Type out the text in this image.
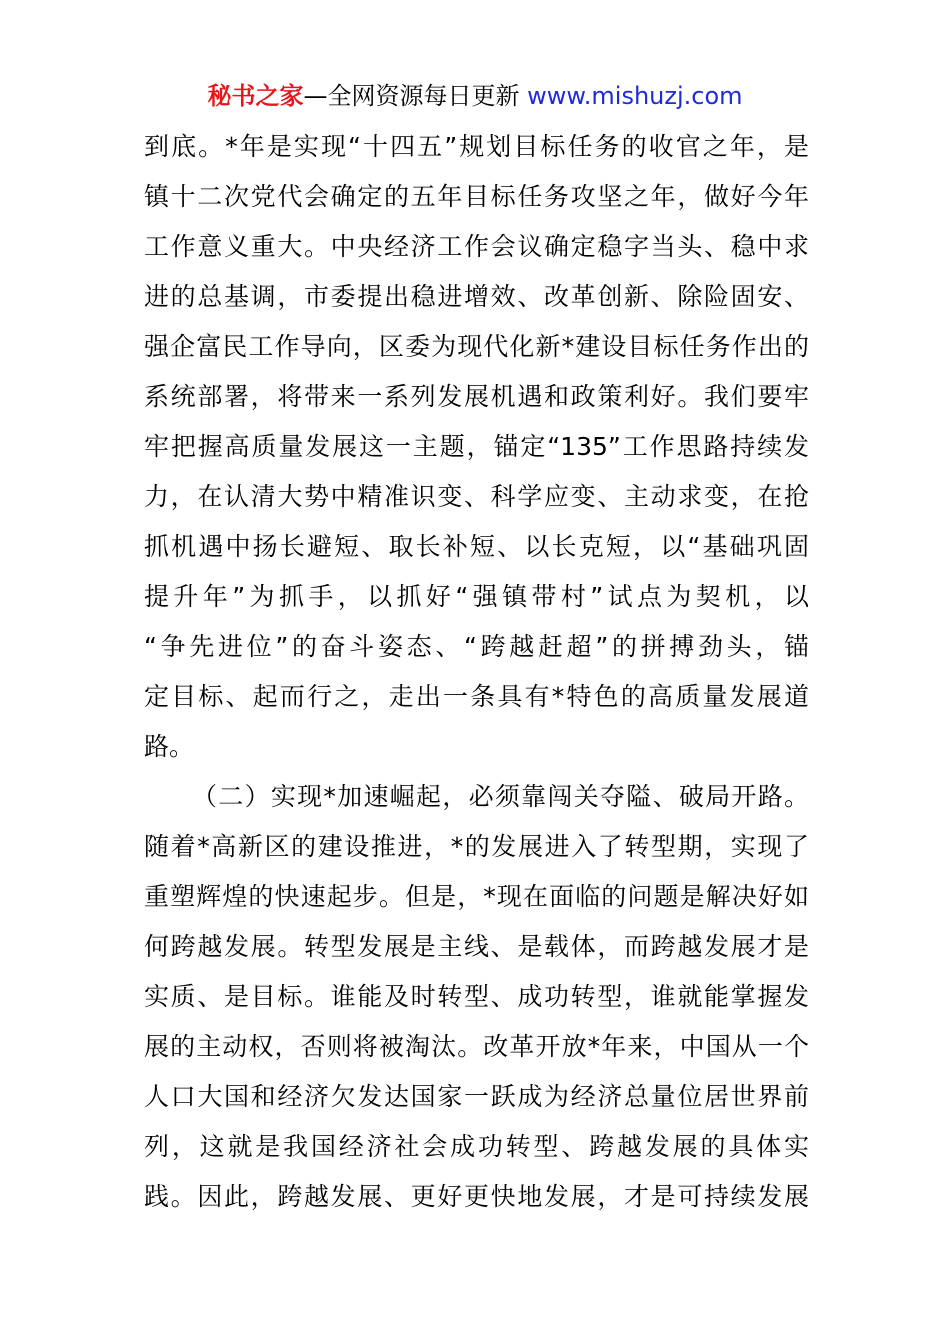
秘书之家—全网资源每日更新 www.mishuzj.com
到底。*年是实现“十四五”规划目标任务的收官之年，是
镇十二次党代会确定的五年目标任务攻坚之年，做好今年
工作意义重大。中央经济工作会议确定稳字当头、稳中求
进的总基调，市委提出稳进增效、改革创新、除险固安、
强企富民工作导向，区委为现代化新*建设目标任务作出的
系统部署，将带来一系列发展机遇和政策利好。我们要牢
牢把握高质量发展这一主题，锚定“135”工作思路持续发
力，在认清大势中精准识变、科学应变、主动求变，在抢
抓机遇中扬长避短、取长补短、以长克短，以“基础巩固
提升年”为抓手，以抓好“强镇带村”试点为契机，以
“争先进位”的奋斗姿态、“跨越赶超”的拼搏劲头，锚
定目标、起而行之，走出一条具有*特色的高质量发展道
路。
（二）实现*加速崛起，必须靠闯关夺隘、破局开路。
随着*高新区的建设推进，*的发展进入了转型期，实现了
重塑辉煌的快速起步。但是，*现在面临的问题是解决好如
何跨越发展。转型发展是主线、是载体，而跨越发展才是
实质、是目标。谁能及时转型、成功转型，谁就能掌握发
展的主动权，否则将被淘汰。改革开放*年来，中国从一个
人口大国和经济欠发达国家一跃成为经济总量位居世界前
列，这就是我国经济社会成功转型、跨越发展的具体实
践。因此，跨越发展、更好更快地发展，才是可持续发展
